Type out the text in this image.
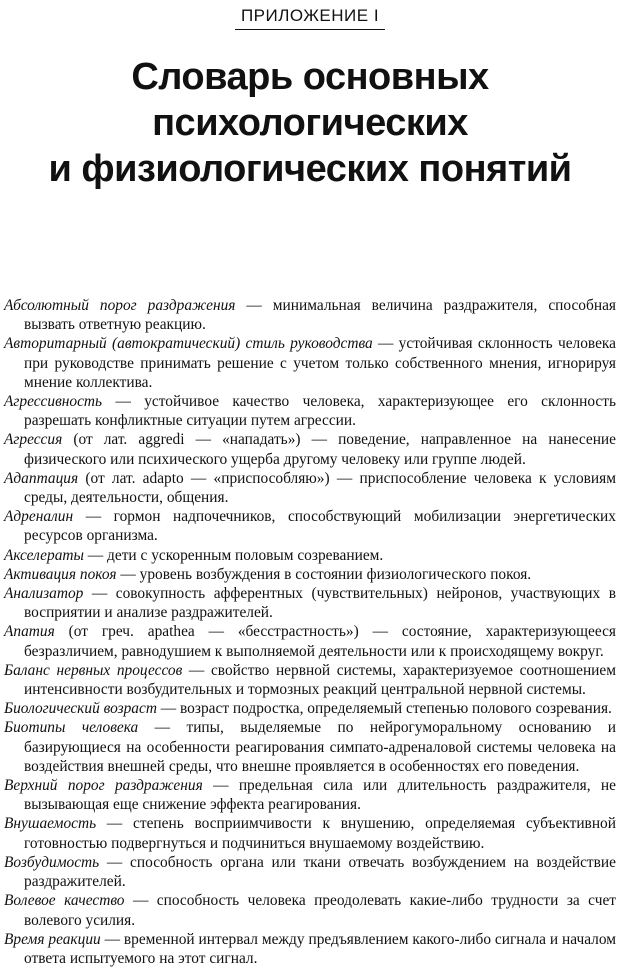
ПРИЛОЖЕНИЕ I
Словарь основных
психологических
и физиологических понятий

Абсолютный порог раздражения — минимальная величина раздражителя, способная вызвать ответную реакцию.

Авторитарный (автократический) стиль руководства — устойчивая склонность человека при руководстве принимать решение с учетом только собственного мнения, игнорируя мнение коллектива.

Агрессивность — устойчивое качество человека, характеризующее его склонность разрешать конфликтные ситуации путем агрессии.

Агрессия (от лат. aggredi — «нападать») — поведение, направленное на нанесение физического или психического ущерба другому человеку или группе людей.

Адаптация (от лат. adapto — «приспособляю») — приспособление человека к условиям среды, деятельности, общения.

Адреналин — гормон надпочечников, способствующий мобилизации энергетических ресурсов организма.

Акселераты — дети с ускоренным половым созреванием.

Активация покоя — уровень возбуждения в состоянии физиологического покоя.

Анализатор — совокупность афферентных (чувствительных) нейронов, участвующих в восприятии и анализе раздражителей.

Апатия (от греч. apathea — «бесстрастность») — состояние, характеризующееся безразличием, равнодушием к выполняемой деятельности или к происходящему вокруг.

Баланс нервных процессов — свойство нервной системы, характеризуемое соотношением интенсивности возбудительных и тормозных реакций центральной нервной системы.

Биологический возраст — возраст подростка, определяемый степенью полового созревания.

Биотипы человека — типы, выделяемые по нейрогуморальному основанию и базирующиеся на особенности реагирования симпато-адреналовой системы человека на воздействия внешней среды, что внешне проявляется в особенностях его поведения.

Верхний порог раздражения — предельная сила или длительность раздражителя, не вызывающая еще снижение эффекта реагирования.

Внушаемость — степень восприимчивости к внушению, определяемая субъективной готовностью подвергнуться и подчиниться внушаемому воздействию.

Возбудимость — способность органа или ткани отвечать возбуждением на воздействие раздражителей.

Волевое качество — способность человека преодолевать какие-либо трудности за счет волевого усилия.

Время реакции — временной интервал между предъявлением какого-либо сигнала и началом ответа испытуемого на этот сигнал.
